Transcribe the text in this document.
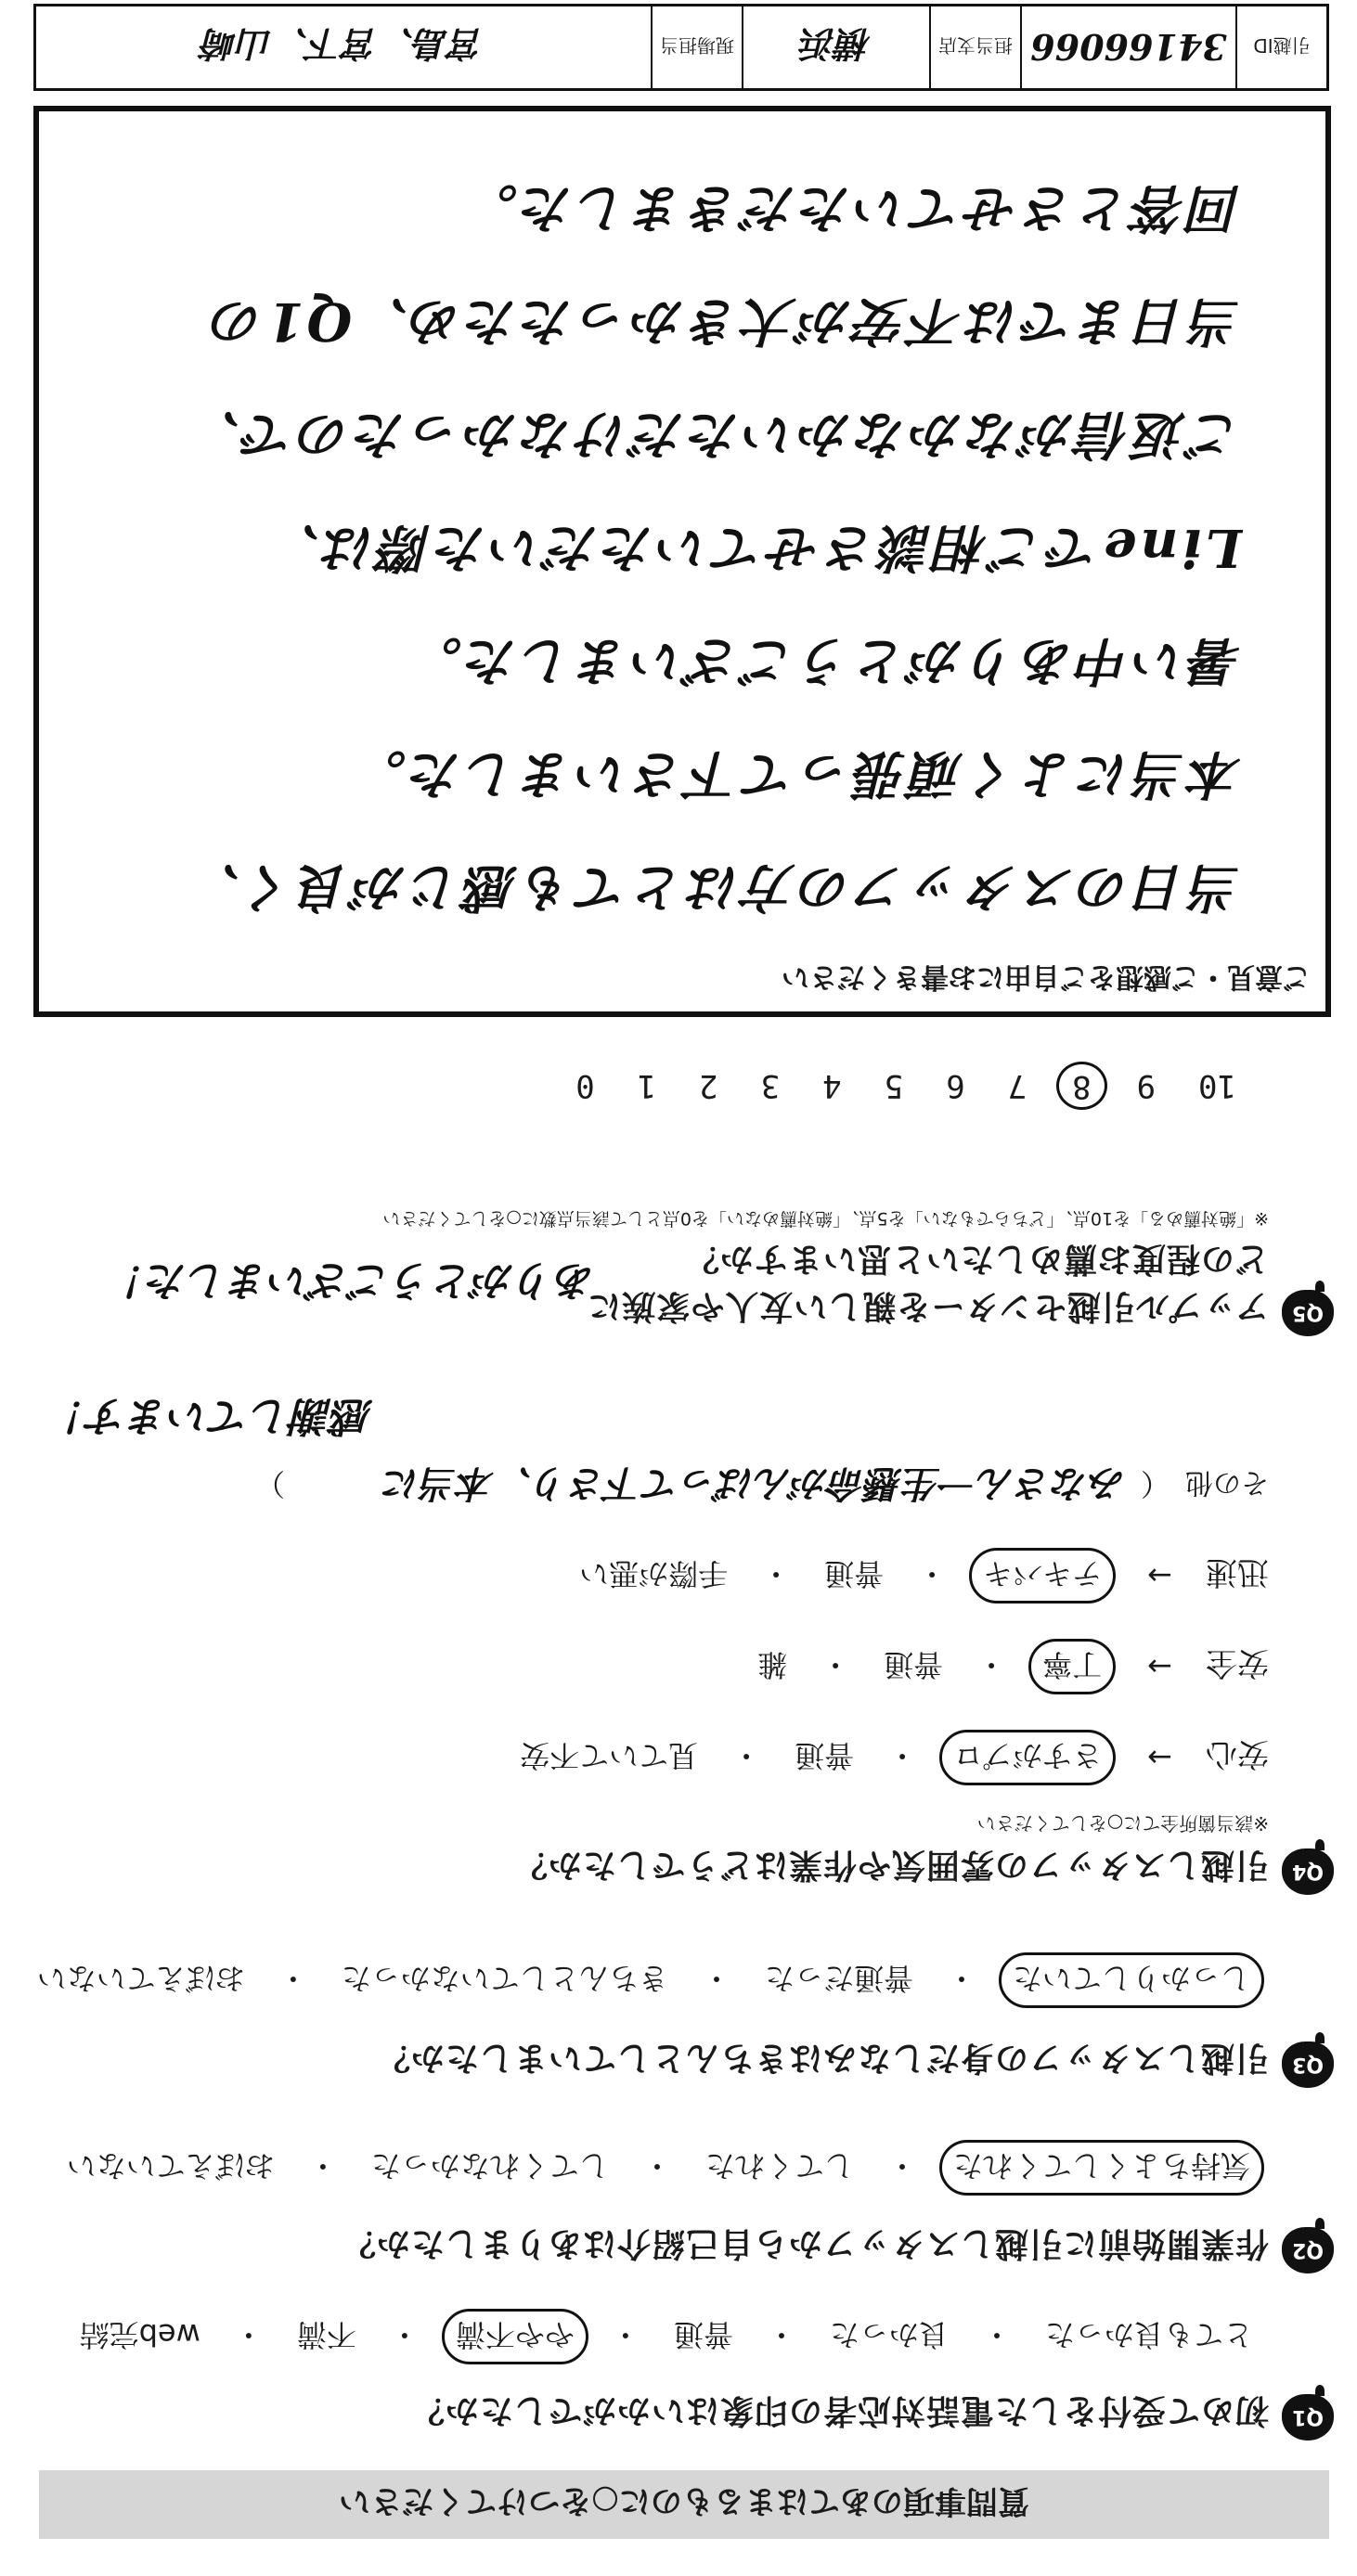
質問事項のあてはまるものに○をつけてください
Q1
初めて受付をした電話対応者の印象はいかがでしたか？
とても良かった
・
良かった
・
普通
・
やや不満
・
不満
・
web完結
Q2
作業開始前に引越しスタッフから自己紹介はありましたか？
気持ちよくしてくれた
・
してくれた
・
してくれなかった
・
おぼえていない
Q3
引越しスタッフの身だしなみはきちんとしていましたか？
しっかりしていた
・
普通だった
・
きちんとしていなかった
・
おぼえていない
Q4
引越しスタッフの雰囲気や作業はどうでしたか？
※該当箇所全てに○をしてください
安心
→
さすがプロ
・
普通
・
見ていて不安
安全
→
丁寧
・
普通
・
雑
迅速
→
テキパキ
・
普通
・
手際が悪い
その他
（
みなさん一生懸命がんばって下さり、本当に
）
感謝しています！
Q5
アップル引越センターを親しい友人や家族に
どの程度お薦めしたいと思いますか？
※「絶対薦める」を10点、「どちらでもない」を5点、「絶対薦めない」を0点として該当点数に○をしてください
ありがとうございました！
10
9
8
7
6
5
4
3
2
1
0
ご意見・ご感想をご自由にお書きください
当日のスタッフの方はとても感じが良く、
本当によく頑張って下さいました。
暑い中ありがとうございました。
Lineでご相談させていただいた際は、
ご返信がなかなかいただけなかったので、
当日までは不安が大きかったため、Q1の
回答とさせていただきました。
引越ID
34166066
担当支店
横浜
現場担当
宮島、宮下、山崎
